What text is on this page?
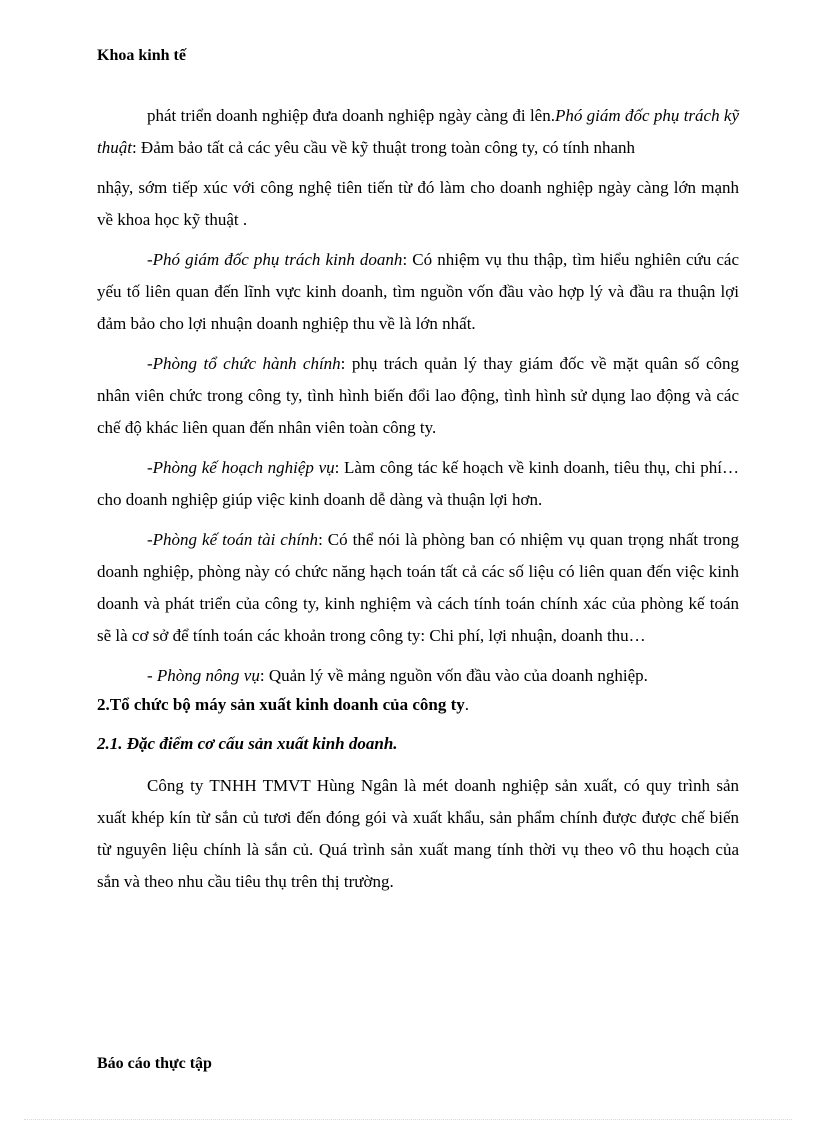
Khoa kinh tế

phát triển doanh nghiệp đưa doanh nghiệp ngày càng đi lên.Phó giám đốc phụ trách kỹ thuật: Đảm bảo tất cả các yêu cầu về kỹ thuật trong toàn công ty, có tính nhanh

nhậy, sớm tiếp xúc với công nghệ tiên tiến từ đó làm cho doanh nghiệp ngày càng lớn mạnh về khoa học kỹ thuật .

-Phó giám đốc phụ trách kinh doanh: Có nhiệm vụ thu thập, tìm hiểu nghiên cứu các yếu tố liên quan đến lĩnh vực kinh doanh, tìm nguồn vốn đầu vào hợp lý và đầu ra thuận lợi đảm bảo cho lợi nhuận doanh nghiệp thu về là lớn nhất.

-Phòng tổ chức hành chính: phụ trách quản lý thay giám đốc về mặt quân số công nhân viên chức trong công ty, tình hình biến đổi lao động, tình hình sử dụng lao động và các chế độ khác liên quan đến nhân viên toàn công ty.

-Phòng kế hoạch nghiệp vụ: Làm công tác kế hoạch về kinh doanh, tiêu thụ, chi phí…cho doanh nghiệp giúp việc kinh doanh dễ dàng và thuận lợi hơn.

-Phòng kế toán tài chính: Có thể nói là phòng ban có nhiệm vụ quan trọng nhất trong doanh nghiệp, phòng này có chức năng hạch toán tất cả các số liệu có liên quan đến việc kinh doanh và phát triển của công ty, kinh nghiệm và cách tính toán chính xác của phòng kế toán sẽ là cơ sở để tính toán các khoản trong công ty: Chi phí, lợi nhuận, doanh thu…

- Phòng nông vụ: Quản lý về mảng nguồn vốn đầu vào của doanh nghiệp.

2.Tổ chức bộ máy sản xuất kinh doanh của công ty.

2.1. Đặc điểm cơ cấu sản xuất kinh doanh.

Công ty TNHH TMVT Hùng Ngân là mét doanh nghiệp sản xuất, có quy trình sản xuất khép kín từ sắn củ tươi đến đóng gói và xuất khẩu, sản phẩm chính được được chế biến từ nguyên liệu chính là sắn củ. Quá trình sản xuất mang tính thời vụ theo vô thu hoạch của sắn và theo nhu cầu tiêu thụ trên thị trường.

Báo cáo thực tập
